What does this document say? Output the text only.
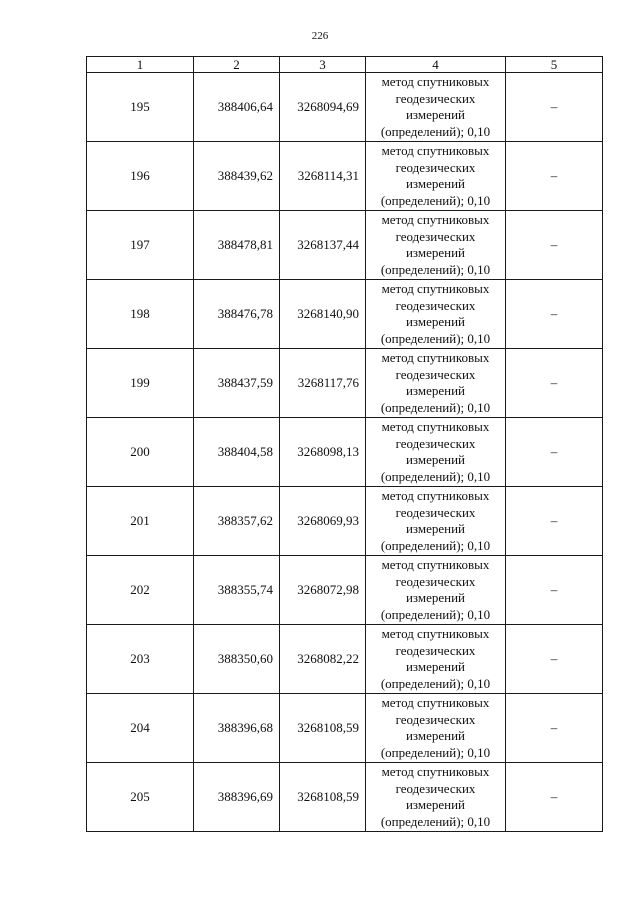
226
1	2	3	4	5
195	388406,64	3268094,69	метод спутниковых
геодезических
измерений
(определений); 0,10	–
196	388439,62	3268114,31	метод спутниковых
геодезических
измерений
(определений); 0,10	–
197	388478,81	3268137,44	метод спутниковых
геодезических
измерений
(определений); 0,10	–
198	388476,78	3268140,90	метод спутниковых
геодезических
измерений
(определений); 0,10	–
199	388437,59	3268117,76	метод спутниковых
геодезических
измерений
(определений); 0,10	–
200	388404,58	3268098,13	метод спутниковых
геодезических
измерений
(определений); 0,10	–
201	388357,62	3268069,93	метод спутниковых
геодезических
измерений
(определений); 0,10	–
202	388355,74	3268072,98	метод спутниковых
геодезических
измерений
(определений); 0,10	–
203	388350,60	3268082,22	метод спутниковых
геодезических
измерений
(определений); 0,10	–
204	388396,68	3268108,59	метод спутниковых
геодезических
измерений
(определений); 0,10	–
205	388396,69	3268108,59	метод спутниковых
геодезических
измерений
(определений); 0,10	–
